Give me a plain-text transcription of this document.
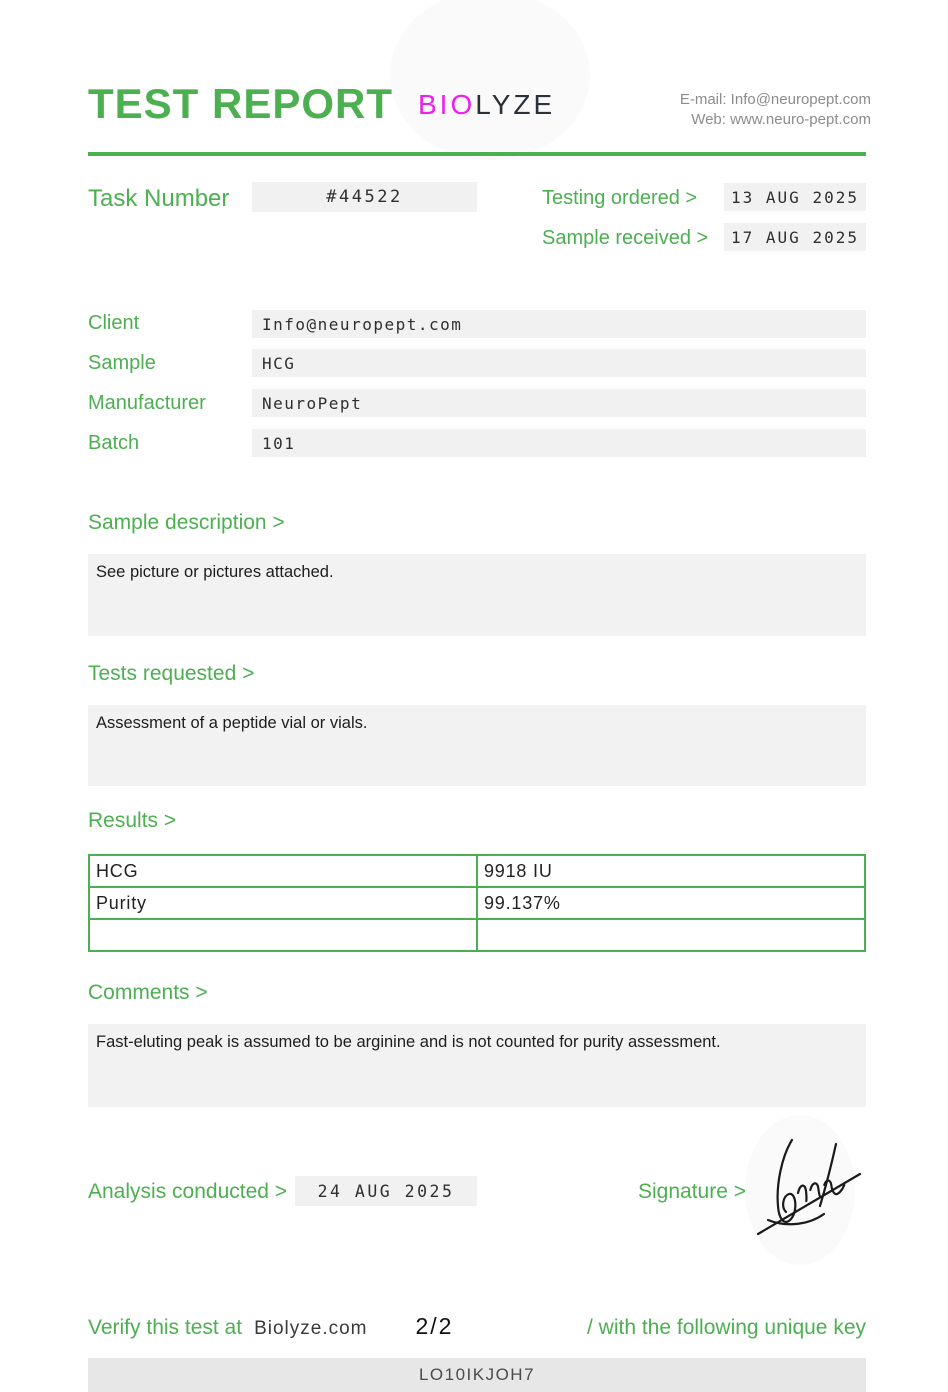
TEST REPORT BIOLYZE	E-mail: Info@neuropept.com
Web: www.neuro-pept.com
Task Number	#44522	Testing ordered >	13 AUG 2025
Sample received >	17 AUG 2025
Client	Info@neuropept.com
Sample	HCG
Manufacturer	NeuroPept
Batch	101
Sample description >
See picture or pictures attached.
Tests requested >
Assessment of a peptide vial or vials.
Results >
HCG	9918 IU
Purity	99.137%

Comments >
Fast-eluting peak is assumed to be arginine and is not counted for purity assessment.
Analysis conducted >	24 AUG 2025	Signature >
Verify this test at Biolyze.com 2/2	/ with the following unique key
LO10IKJOH7
